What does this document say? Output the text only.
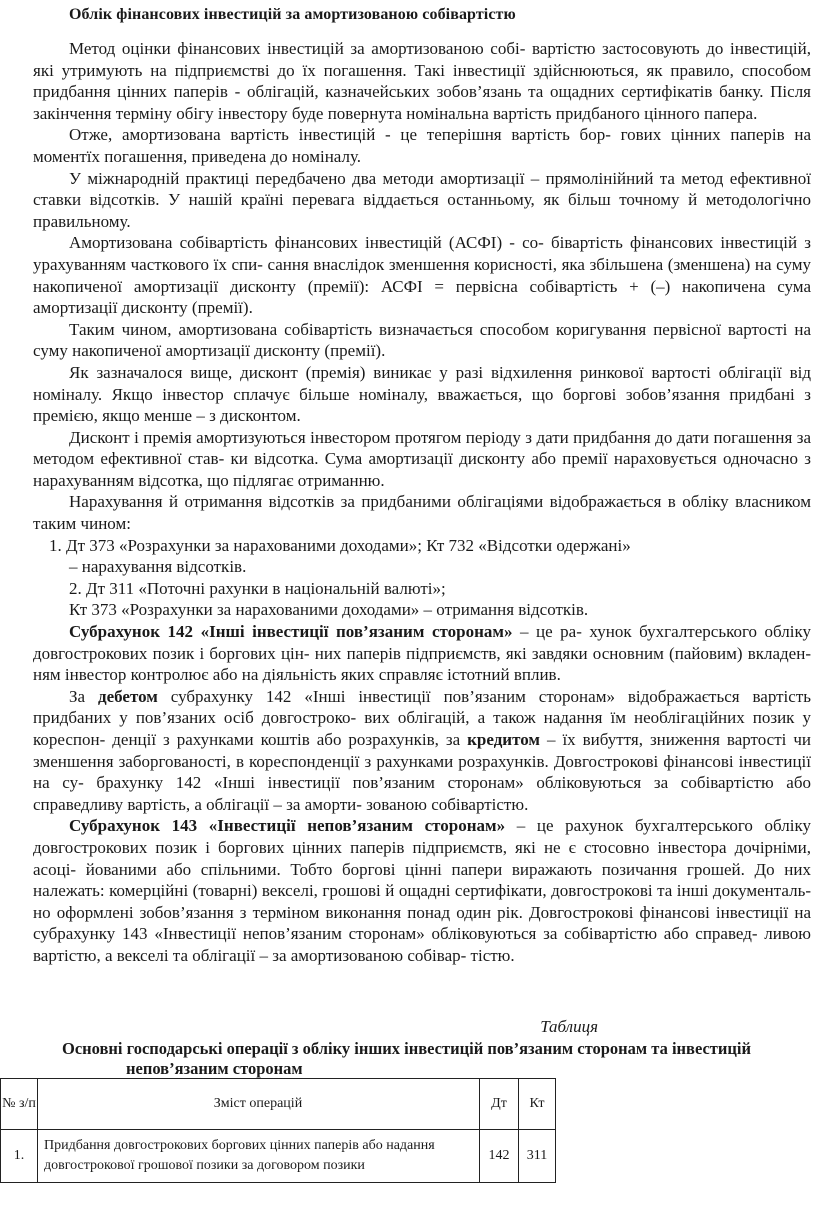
Облік фінансових інвестицій за амортизованою собівартістю

Метод оцінки фінансових інвестицій за амортизованою собі- вартістю застосовують до інвестицій, які утримують на підприємстві до їх погашення. Такі інвестиції здійснюються, як правило, способом придбання цінних паперів - облігацій, казначейських зобов’язань та ощадних сертифікатів банку. Після закінчення терміну обігу інвестору буде повернута номінальна вартість придбаного цінного папера.

Отже, амортизована вартість інвестицій - це теперішня вартість бор- гових цінних паперів на моментїх погашення, приведена до номіналу.

У міжнародній практиці передбачено два методи амортизації – прямолінійний та метод ефективної ставки відсотків. У нашій країні перевага віддається останньому, як більш точному й методологічно правильному.

Амортизована собівартість фінансових інвестицій (АСФІ) - со- бівартість фінансових інвестицій з урахуванням часткового їх спи- сання внаслідок зменшення корисності, яка збільшена (зменшена) на суму накопиченої амортизації дисконту (премії): АСФІ = первісна собівартість + (–) накопичена сума амортизації дисконту (премії).

Таким чином, амортизована собівартість визначається способом коригування первісної вартості на суму накопиченої амортизації дисконту (премії).

Як зазначалося вище, дисконт (премія) виникає у разі відхилення ринкової вартості облігації від номіналу. Якщо інвестор сплачує більше номіналу, вважається, що боргові зобов’язання придбані з премією, якщо менше – з дисконтом.

Дисконт і премія амортизуються інвестором протягом періоду з дати придбання до дати погашення за методом ефективної став- ки відсотка. Сума амортизації дисконту або премії нараховується одночасно з нарахуванням відсотка, що підлягає отриманню.

Нарахування й отримання відсотків за придбаними облігаціями відображається в обліку власником таким чином:

1. Дт 373 «Розрахунки за нарахованими доходами»; Кт 732 «Відсотки одержані»

– нарахування відсотків.

2. Дт 311 «Поточні рахунки в національній валюті»;

Кт 373 «Розрахунки за нарахованими доходами» – отримання відсотків.

Субрахунок 142 «Інші інвестиції пов’язаним сторонам» – це ра- хунок бухгалтерського обліку довгострокових позик і боргових цін- них паперів підприємств, які завдяки основним (пайовим) вкладен- ням інвестор контролює або на діяльність яких справляє істотний вплив.

За дебетом субрахунку 142 «Інші інвестиції пов’язаним сторонам» відображається вартість придбаних у пов’язаних осіб довгостроко- вих облігацій, а також надання їм необлігаційних позик у кореспон- денції з рахунками коштів або розрахунків, за кредитом – їх вибуття, зниження вартості чи зменшення заборгованості, в кореспонденції з рахунками розрахунків. Довгострокові фінансові інвестиції на су- брахунку 142 «Інші інвестиції пов’язаним сторонам» обліковуються за собівартістю або справедливу вартість, а облігації – за аморти- зованою собівартістю.

Субрахунок 143 «Інвестиції непов’язаним сторонам» – це рахунок бухгалтерського обліку довгострокових позик і боргових цінних паперів підприємств, які не є стосовно інвестора дочірніми, асоці- йованими або спільними. Тобто боргові цінні папери виражають позичання грошей. До них належать: комерційні (товарні) векселі, грошові й ощадні сертифікати, довгострокові та інші документаль- но оформлені зобов’язання з терміном виконання понад один рік. Довгострокові фінансові інвестиції на субрахунку 143 «Інвестиції непов’язаним сторонам» обліковуються за собівартістю або справед- ливою вартістю, а векселі та облігації – за амортизованою собівар- тістю.

Таблиця
Основні господарські операції з обліку інших інвестицій пов’язаним сторонам та інвестицій
непов’язаним сторонам
№ з/п	Зміст операцій	Дт	Кт
1.	Придбання довгострокових боргових цінних паперів або надання довгострокової грошової позики за договором позики	142	311
